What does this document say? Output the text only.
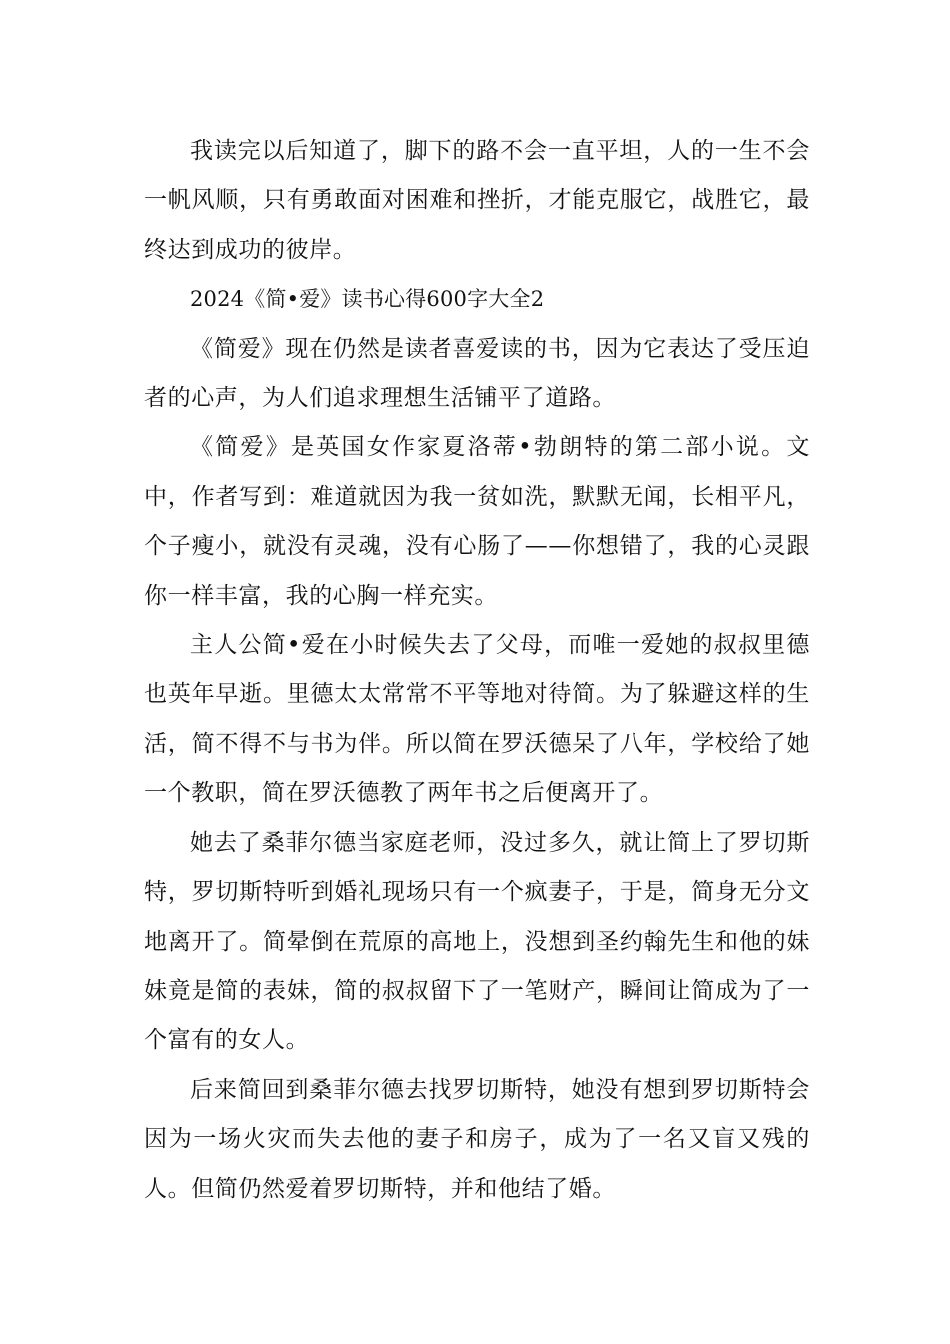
我读完以后知道了，脚下的路不会一直平坦，人的一生不会一帆风顺，只有勇敢面对困难和挫折，才能克服它，战胜它，最终达到成功的彼岸。

2024《简•爱》读书心得600字大全2

《简爱》现在仍然是读者喜爱读的书，因为它表达了受压迫者的心声，为人们追求理想生活铺平了道路。

《简爱》是英国女作家夏洛蒂•勃朗特的第二部小说。文中，作者写到：难道就因为我一贫如洗，默默无闻，长相平凡，个子瘦小，就没有灵魂，没有心肠了——你想错了，我的心灵跟你一样丰富，我的心胸一样充实。

主人公简•爱在小时候失去了父母，而唯一爱她的叔叔里德也英年早逝。里德太太常常不平等地对待简。为了躲避这样的生活，简不得不与书为伴。所以简在罗沃德呆了八年，学校给了她一个教职，简在罗沃德教了两年书之后便离开了。

她去了桑菲尔德当家庭老师，没过多久，就让简上了罗切斯特，罗切斯特听到婚礼现场只有一个疯妻子，于是，简身无分文地离开了。简晕倒在荒原的高地上，没想到圣约翰先生和他的妹妹竟是简的表妹，简的叔叔留下了一笔财产，瞬间让简成为了一个富有的女人。

后来简回到桑菲尔德去找罗切斯特，她没有想到罗切斯特会因为一场火灾而失去他的妻子和房子，成为了一名又盲又残的人。但简仍然爱着罗切斯特，并和他结了婚。
